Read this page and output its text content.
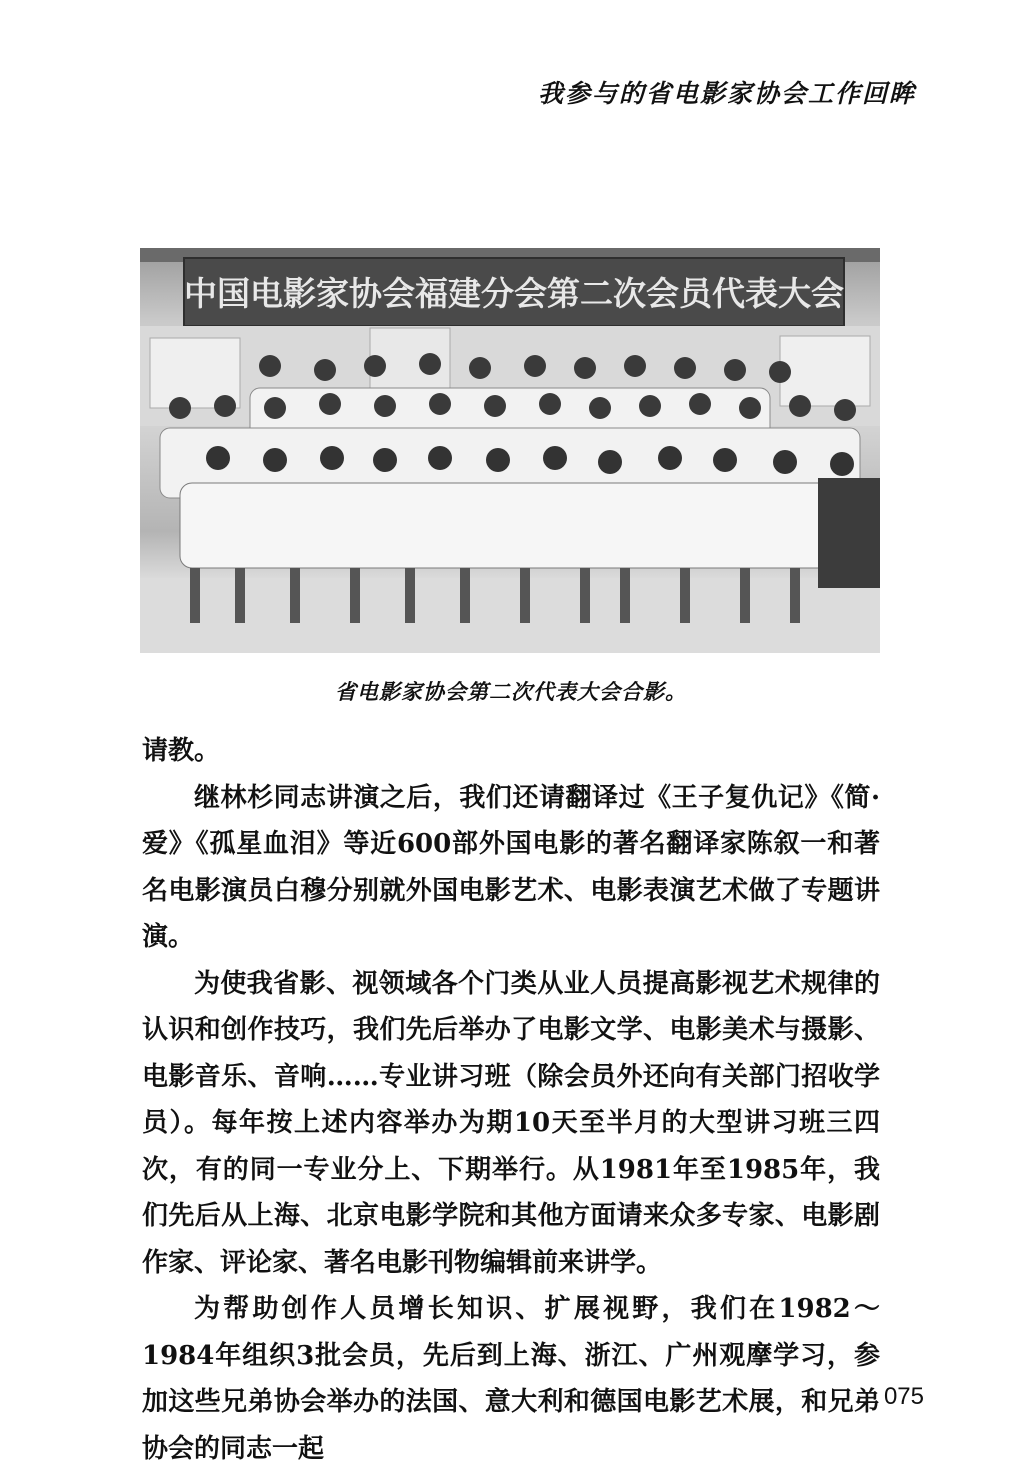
我参与的省电影家协会工作回眸
中国电影家协会福建分会第二次会员代表大会
省电影家协会第二次代表大会合影。

请教。

继林杉同志讲演之后，我们还请翻译过《王子复仇记》《简·爱》《孤星血泪》等近600部外国电影的著名翻译家陈叙一和著名电影演员白穆分别就外国电影艺术、电影表演艺术做了专题讲演。

为使我省影、视领域各个门类从业人员提高影视艺术规律的认识和创作技巧，我们先后举办了电影文学、电影美术与摄影、电影音乐、音响……专业讲习班（除会员外还向有关部门招收学员）。每年按上述内容举办为期10天至半月的大型讲习班三四次，有的同一专业分上、下期举行。从1981年至1985年，我们先后从上海、北京电影学院和其他方面请来众多专家、电影剧作家、评论家、著名电影刊物编辑前来讲学。

为帮助创作人员增长知识、扩展视野，我们在1982～1984年组织3批会员，先后到上海、浙江、广州观摩学习，参加这些兄弟协会举办的法国、意大利和德国电影艺术展，和兄弟协会的同志一起

075
